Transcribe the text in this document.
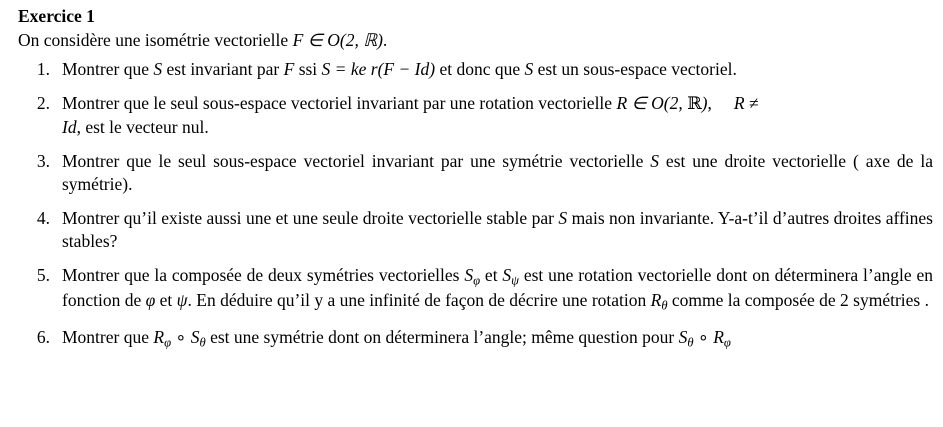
Exercice 1
On considère une isométrie vectorielle F ∈ O(2, ℝ).
1. Montrer que S est invariant par F ssi S = ke r(F − Id) et donc que S est un sous-espace vectoriel.
2. Montrer que le seul sous-espace vectoriel invariant par une rotation vectorielle R ∈ O(2, ℝ), R ≠
Id, est le vecteur nul.
3. Montrer que le seul sous-espace vectoriel invariant par une symétrie vectorielle S est une droite vectorielle ( axe de la symétrie).
4. Montrer qu’il existe aussi une et une seule droite vectorielle stable par S mais non invariante. Y-a-t’il d’autres droites affines stables?
5. Montrer que la composée de deux symétries vectorielles $S_\varphi$ et $S_\psi$ est une rotation vectorielle dont on déterminera l’angle en fonction de φ et ψ. En déduire qu’il y a une infinité de façon de décrire une rotation $R_\theta$ comme la composée de 2 symétries .
6. Montrer que $R_\varphi$ ∘ $S_\theta$ est une symétrie dont on déterminera l’angle; même question pour $S_\theta$ ∘ $R_\varphi$
